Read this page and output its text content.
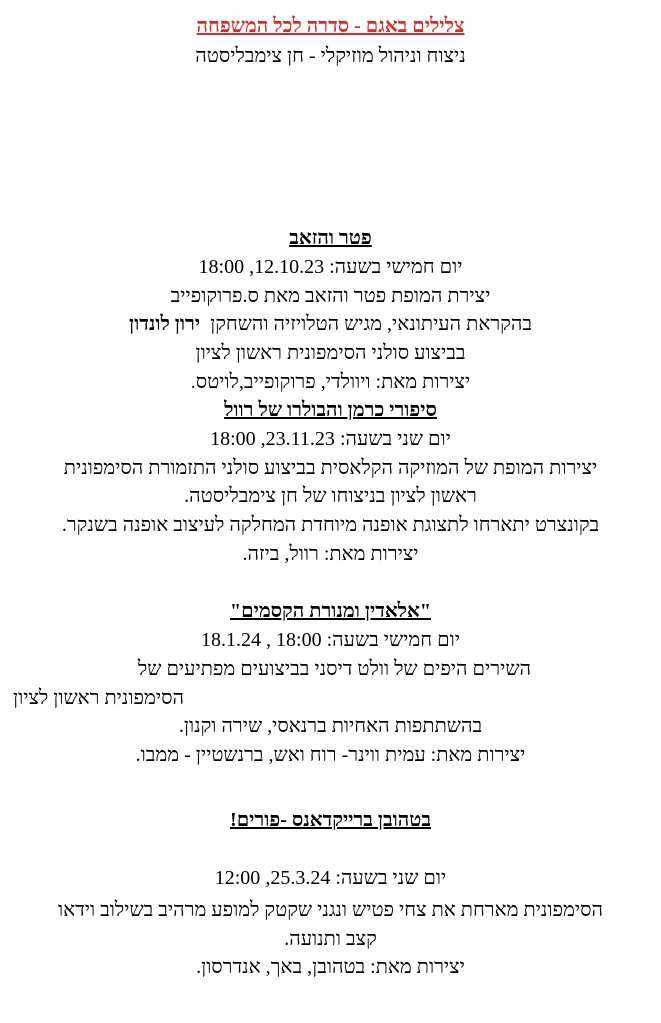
צלילים באגם - סדרה לכל המשפחה
ניצוח וניהול מוזיקלי - חן צימבליסטה
פטר והזאב
יום חמישי בשעה: 12.10.23, 18:00
יצירת המופת פטר והזאב מאת ס.פרוקופייב
בהקראת העיתונאי, מגיש הטלויזיה והשחקן  ירון לונדון
בביצוע סולני הסימפונית ראשון לציון
יצירות מאת: ויוולדי, פרוקופייב,לויטס.
סיפורי כרמן והבולרו של רוול
יום שני בשעה: 23.11.23, 18:00
יצירות המופת של המוזיקה הקלאסית בביצוע סולני התזמורת הסימפונית
ראשון לציון בניצוחו של חן צימבליסטה.
בקונצרט יתארחו לתצוגת אופנה מיוחדת המחלקה לעיצוב אופנה בשנקר.
יצירות מאת: רוול, ביזה.
"אלאדין ומנורת הקסמים"
יום חמישי בשעה: 18:00 , 18.1.24
השירים היפים של וולט דיסני בביצועים מפתיעים של
הסימפונית ראשון לציון
בהשתתפות האחיות ברנאסי, שירה וקנון.
יצירות מאת: עמית ווינר- רוח ואש, ברנשטיין - ממבו.
בטהובן ברייקדאנס -פורים!
יום שני בשעה: 25.3.24, 12:00
הסימפונית מארחת את צחי פטיש ונגני שקטק למופע מרהיב בשילוב וידאו
קצב ותנועה.
יצירות מאת: בטהובן, באך, אנדרסון.
